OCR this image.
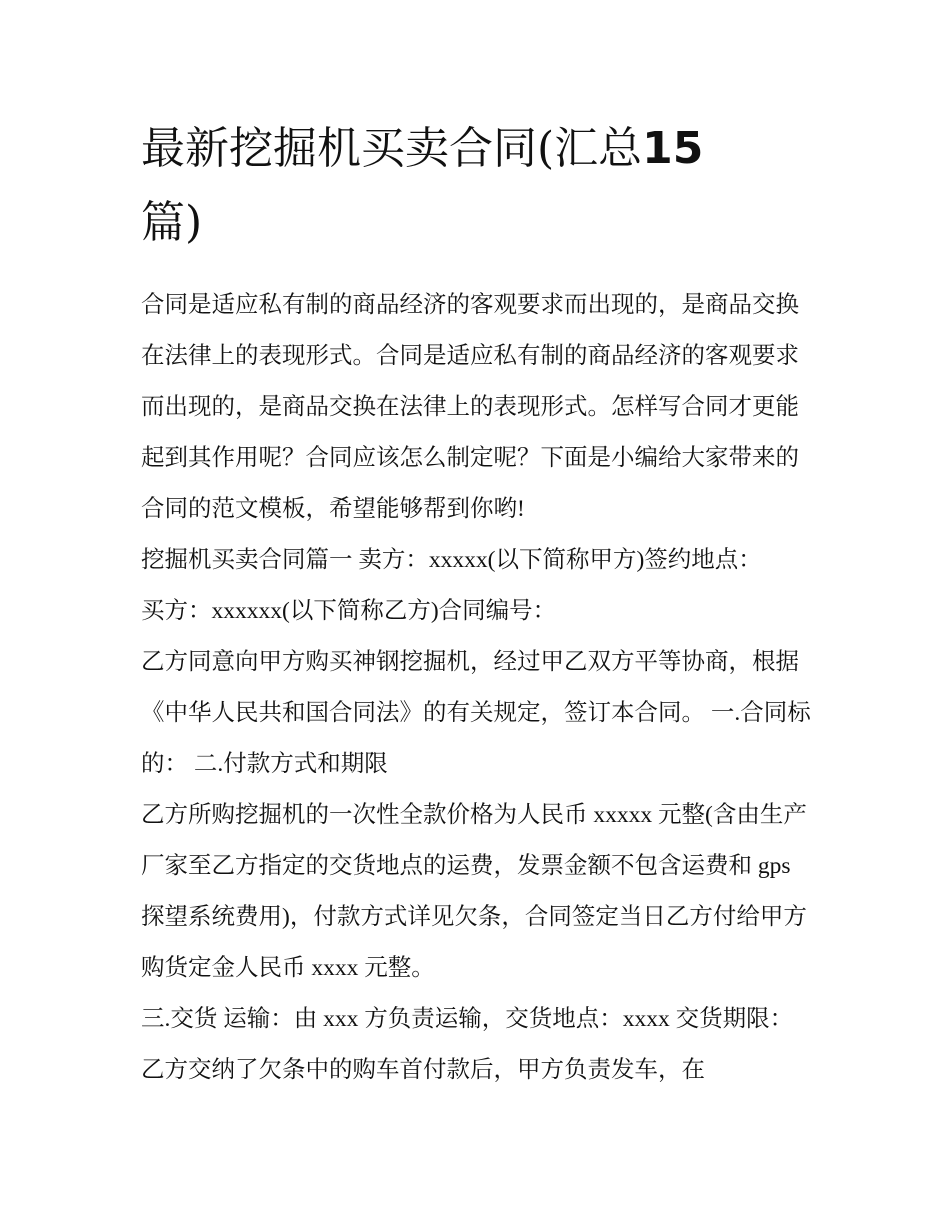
最新挖掘机买卖合同(汇总15
篇)

合同是适应私有制的商品经济的客观要求而出现的，是商品交换在法律上的表现形式。合同是适应私有制的商品经济的客观要求而出现的，是商品交换在法律上的表现形式。怎样写合同才更能起到其作用呢？合同应该怎么制定呢？下面是小编给大家带来的合同的范文模板，希望能够帮到你哟!

挖掘机买卖合同篇一 卖方：xxxxx(以下简称甲方)签约地点：

买方：xxxxxx(以下简称乙方)合同编号：

乙方同意向甲方购买神钢挖掘机，经过甲乙双方平等协商，根据《中华人民共和国合同法》的有关规定，签订本合同。 一.合同标的： 二.付款方式和期限

乙方所购挖掘机的一次性全款价格为人民币 xxxxx 元整(含由生产厂家至乙方指定的交货地点的运费，发票金额不包含运费和 gps 探望系统费用)，付款方式详见欠条，合同签定当日乙方付给甲方购货定金人民币 xxxx 元整。

三.交货 运输：由 xxx 方负责运输，交货地点：xxxx 交货期限：乙方交纳了欠条中的购车首付款后，甲方负责发车，在
